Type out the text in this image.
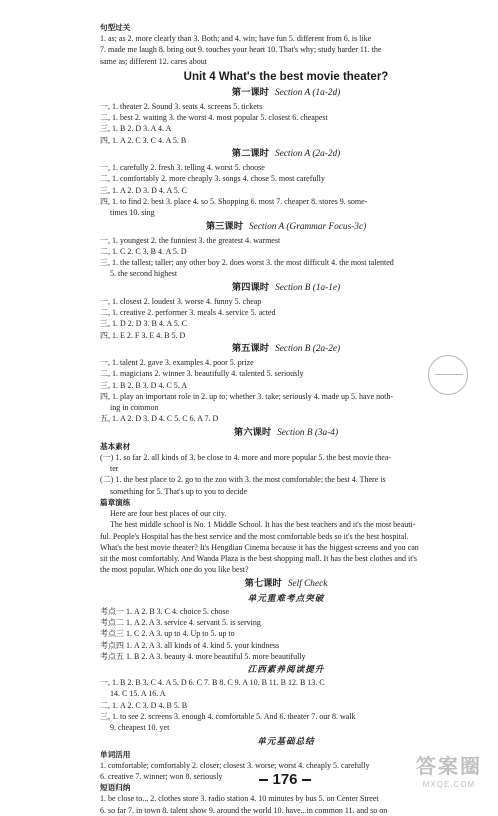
句型过关
1. as; as 2. more clearly than 3. Both; and 4. win; have fun 5. different from 6. is like
7. made me laugh 8. bring out 9. touches your heart 10. That's why; study harder 11. the
same as; different 12. cares about
Unit 4 What's the best movie theater?
第一课时 Section A (1a-2d)
一, 1. theater 2. Sound 3. seats 4. screens 5. tickets
二, 1. best 2. waiting 3. the worst 4. most popular 5. closest 6. cheapest
三, 1. B 2. D 3. A 4. A
四, 1. A 2. C 3. C 4. A 5. B
第二课时 Section A (2a-2d)
一, 1. carefully 2. fresh 3. telling 4. worst 5. choose
二, 1. comfortably 2. more cheaply 3. songs 4. chose 5. most carefully
三, 1. A 2. D 3. D 4. A 5. C
四, 1. to find 2. best 3. place 4. so 5. Shopping 6. most 7. cheaper 8. stores 9. some-
times 10. sing
第三课时 Section A (Grammar Focus-3c)
一, 1. youngest 2. the funniest 3. the greatest 4. warmest
二, 1. C 2. C 3. B 4. A 5. D
三, 1. the tallest; taller; any other boy 2. does worst 3. the most difficult 4. the most talented
5. the second highest
第四课时 Section B (1a-1e)
一, 1. closest 2. loudest 3. worse 4. funny 5. cheap
二, 1. creative 2. performer 3. meals 4. service 5. acted
三, 1. D 2. D 3. B 4. A 5. C
四, 1. E 2. F 3. E 4. B 5. D
第五课时 Section B (2a-2e)
一, 1. talent 2. gave 3. examples 4. poor 5. prize
二, 1. magicians 2. winner 3. beautifully 4. talented 5. seriously
三, 1. B 2. B 3. D 4. C 5. A
四, 1. play an important role in 2. up to; whether 3. take; seriously 4. made up 5. have noth-
ing in common
五, 1. A 2. D 3. D 4. C 5. C 6. A 7. D
第六课时 Section B (3a-4)
基本素材
(一) 1. so far 2. all kinds of 3. be close to 4. more and more popular 5. the best movie thea-
ter
(二) 1. the best place to 2. go to the zoo with 3. the most comfortable; the best 4. There is
something for 5. That's up to you to decide
篇章演练
Here are four best places of our city.
The best middle school is No. 1 Middle School. It has the best teachers and it's the most beauti-
ful. People's Hospital has the best service and the most comfortable beds so it's the best hospital.
What's the best movie theater? It's Hengdian Cinema because it has the biggest screens and you can
sit the most comfortably. And Wanda Plaza is the best shopping mall. It has the best clothes and it's
the most popular. Which one do you like best?
第七课时 Self Check
单元重难考点突破
考点一 1. A 2. B 3. C 4. choice 5. chose
考点二 1. A 2. A 3. service 4. servant 5. is serving
考点三 1. C 2. A 3. up to 4. Up to 5. up to
考点四 1. A 2. A 3. all kinds of 4. kind 5. your kindness
考点五 1. B 2. A 3. beauty 4. more beautiful 5. more beautifully
江西素养阅读提升
一, 1. B 2. B 3. C 4. A 5. D 6. C 7. B 8. C 9. A 10. B 11. B 12. B 13. C
14. C 15. A 16. A
二, 1. A 2. C 3. D 4. B 5. B
三, 1. to see 2. screens 3. enough 4. comfortable 5. And 6. theater 7. our 8. walk
9. cheapest 10. yet
单元基础总结
单词活用
1. comfortable; comfortably 2. closer; closest 3. worse; worst 4. cheaply 5. carefully
6. creative 7. winner; won 8. seriously
短语归纳
1. be close to... 2. clothes store 3. radio station 4. 10 minutes by bus 5. on Center Street
6. so far 7. in town 8. talent show 9. around the world 10. have...in common 11. and so on
176
答案圈
MXQE.COM
